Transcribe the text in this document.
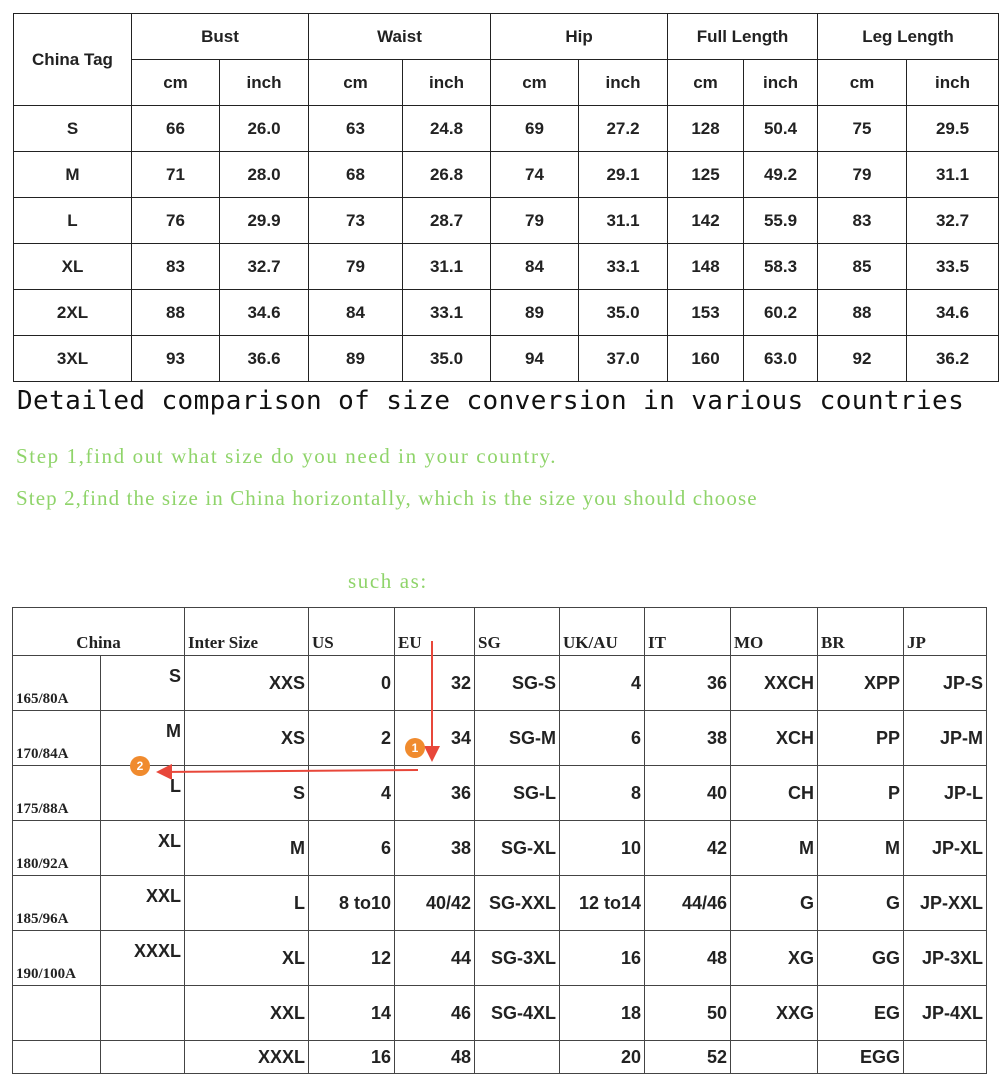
China Tag	Bust		Waist		Hip		Full Length		Leg Length	
	cm	inch	cm	inch	cm	inch	cm	inch	cm	inch
S	66	26.0	63	24.8	69	27.2	128	50.4	75	29.5
M	71	28.0	68	26.8	74	29.1	125	49.2	79	31.1
L	76	29.9	73	28.7	79	31.1	142	55.9	83	32.7
XL	83	32.7	79	31.1	84	33.1	148	58.3	85	33.5
2XL	88	34.6	84	33.1	89	35.0	153	60.2	88	34.6
3XL	93	36.6	89	35.0	94	37.0	160	63.0	92	36.2
Detailed comparison of size conversion in various countries
Step 1,find out what size do you need in your country.
Step 2,find the size in China horizontally, which is the size you should choose
such as:
China		Inter Size	US	EU	SG	UK/AU	IT	MO	BR	JP
165/80A	S	XXS	0	32	SG-S	4	36	XXCH	XPP	JP-S
170/84A	M	XS	2	34	SG-M	6	38	XCH	PP	JP-M
175/88A	L	S	4	36	SG-L	8	40	CH	P	JP-L
180/92A	XL	M	6	38	SG-XL	10	42	M	M	JP-XL
185/96A	XXL	L	8 to10	40/42	SG-XXL	12 to14	44/46	G	G	JP-XXL
190/100A	XXXL	XL	12	44	SG-3XL	16	48	XG	GG	JP-3XL
		XXL	14	46	SG-4XL	18	50	XXG	EG	JP-4XL
		XXXL	16	48		20	52		EGG	
1
2
